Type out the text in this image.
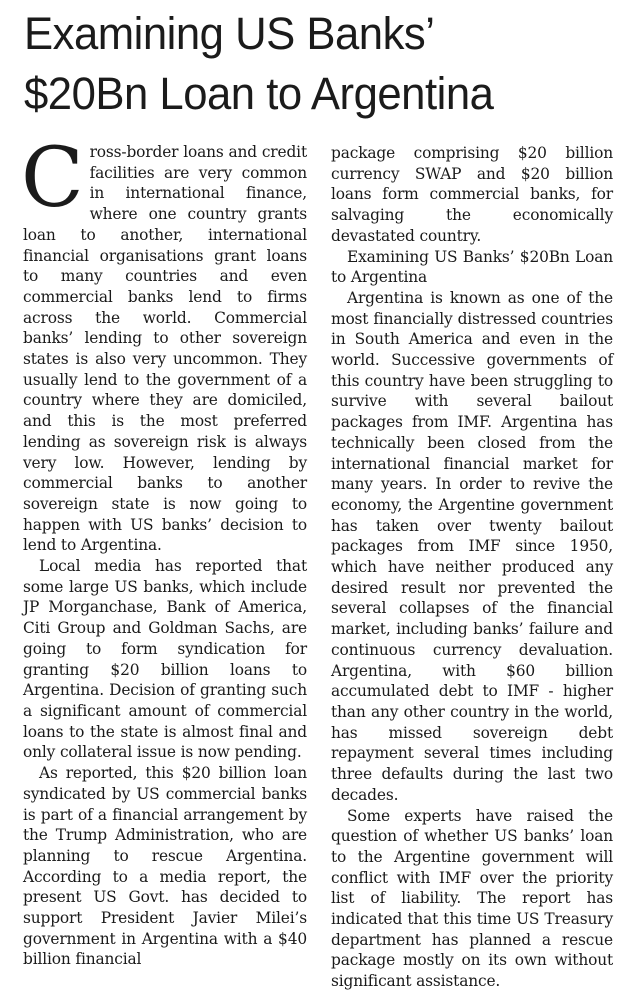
Examining US Banks’
$20Bn Loan to Argentina

Cross-border loans and credit facilities are very common in international finance, where one country grants loan to another, international financial organisations grant loans to many countries and even commercial banks lend to firms across the world. Commercial banks’ lending to other sovereign states is also very uncommon. They usually lend to the government of a country where they are domiciled, and this is the most preferred lending as sovereign risk is always very low. However, lending by commercial banks to another sovereign state is now going to happen with US banks’ decision to lend to Argentina.

Local media has reported that some large US banks, which include JP Morganchase, Bank of America, Citi Group and Goldman Sachs, are going to form syndication for granting $20 billion loans to Argentina. Decision of granting such a significant amount of commercial loans to the state is almost final and only collateral issue is now pending.

As reported, this $20 billion loan syndicated by US commercial banks is part of a financial arrangement by the Trump Administration, who are planning to rescue Argentina. According to a media report, the present US Govt. has decided to support President Javier Milei’s government in Argentina with a $40 billion financial

package comprising $20 billion currency SWAP and $20 billion loans form commercial banks, for salvaging the economically devastated country.

Examining US Banks’ $20Bn Loan to Argentina

Argentina is known as one of the most financially distressed countries in South America and even in the world. Successive governments of this country have been struggling to survive with several bailout packages from IMF. Argentina has technically been closed from the international financial market for many years. In order to revive the economy, the Argentine government has taken over twenty bailout packages from IMF since 1950, which have neither produced any desired result nor prevented the several collapses of the financial market, including banks’ failure and continuous currency devaluation. Argentina, with $60 billion accumulated debt to IMF - higher than any other country in the world, has missed sovereign debt repayment several times including three defaults during the last two decades.

Some experts have raised the question of whether US banks’ loan to the Argentine government will conflict with IMF over the priority list of liability. The report has indicated that this time US Treasury department has planned a rescue package mostly on its own without significant assistance.
